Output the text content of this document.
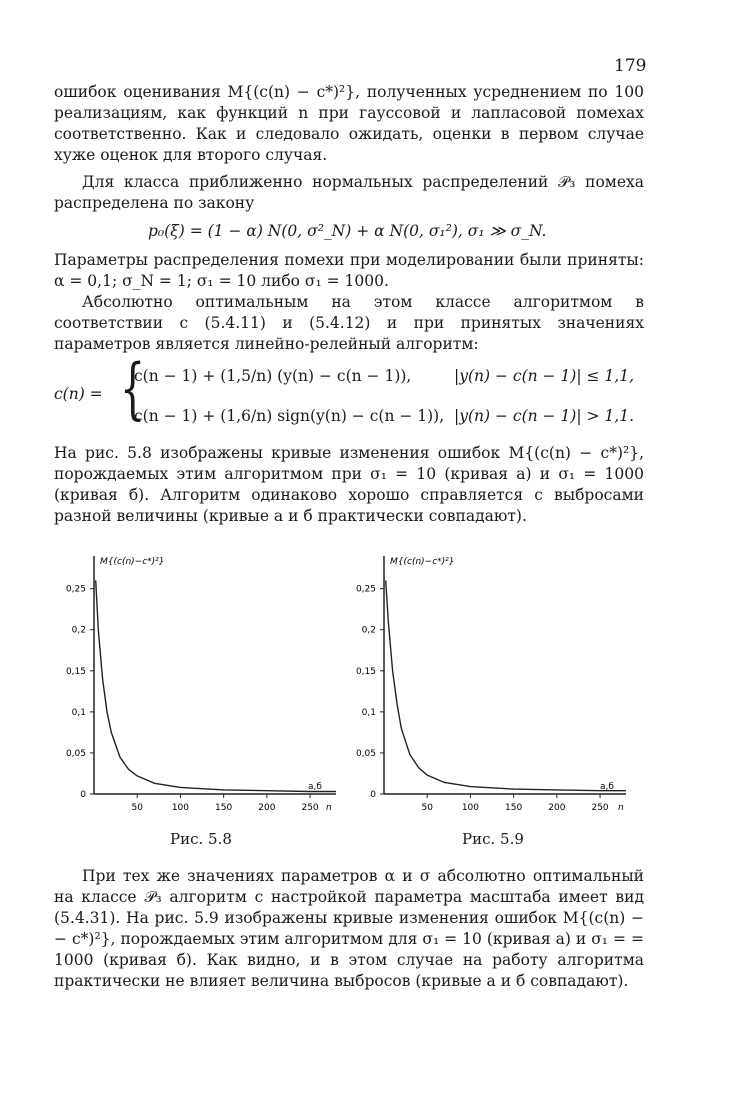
179

ошибок оценивания M{(c(n) − c*)²}, полученных усреднением по 100 реализациям, как функций n при гауссовой и лапласовой помехах соответственно. Как и следовало ожидать, оценки в первом случае хуже оценок для второго случая.

Для класса приближенно нормальных распределений 𝒫₃ помеха распределена по закону

p₀(ξ) = (1 − α) N(0, σ²_N) + α N(0, σ₁²), σ₁ ≫ σ_N.

Параметры распределения помехи при моделировании были приняты: α = 0,1; σ_N = 1; σ₁ = 10 либо σ₁ = 1000.

Абсолютно оптимальным на этом классе алгоритмом в соответствии с (5.4.11) и (5.4.12) и при принятых значениях параметров является линейно-релейный алгоритм:

c(n) = {
c(n − 1) + (1,5/n) (y(n) − c(n − 1)),	|y(n) − c(n − 1)| ≤ 1,1,
c(n − 1) + (1,6/n) sign(y(n) − c(n − 1)), |y(n) − c(n − 1)| > 1,1.

На рис. 5.8 изображены кривые изменения ошибок M{(c(n) − c*)²}, порождаемых этим алгоритмом при σ₁ = 10 (кривая а) и σ₁ = 1000 (кривая б). Алгоритм одинаково хорошо справляется с выбросами разной величины (кривые а и б практически совпадают).

M{(c(n)−c*)²}
n
а,б
0
0,05
0,1
0,15
0,2
0,25
50	100	150	200	250
Рис. 5.8
M{(c(n)−c*)²}
n
а,б
0
0,05
0,1
0,15
0,2
0,25
50	100	150	200	250
Рис. 5.9

При тех же значениях параметров α и σ абсолютно оптимальный на классе 𝒫₃ алгоритм с настройкой параметра масштаба имеет вид (5.4.31). На рис. 5.9 изображены кривые изменения ошибок M{(c(n) − − c*)²}, порождаемых этим алгоритмом для σ₁ = 10 (кривая а) и σ₁ = = 1000 (кривая б). Как видно, и в этом случае на работу алгоритма практически не влияет величина выбросов (кривые а и б совпадают).
